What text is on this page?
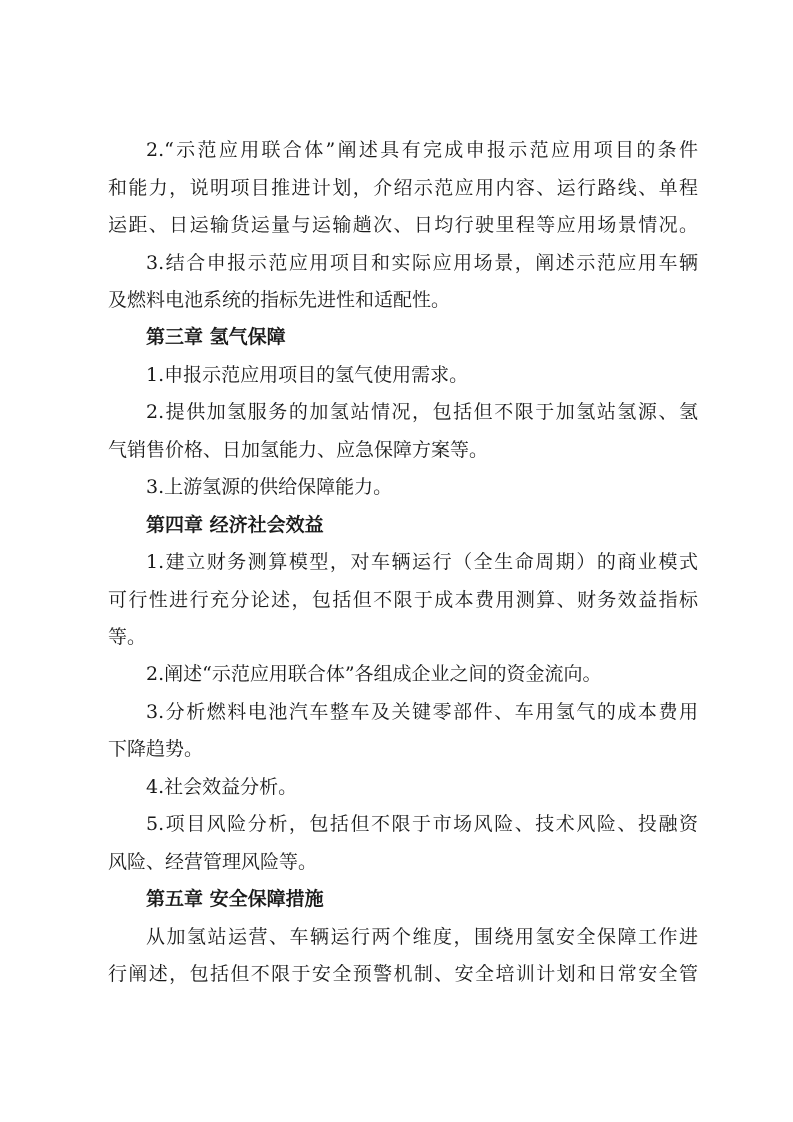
2.“示范应用联合体”阐述具有完成申报示范应用项目的条件
和能力，说明项目推进计划，介绍示范应用内容、运行路线、单程
运距、日运输货运量与运输趟次、日均行驶里程等应用场景情况。
3.结合申报示范应用项目和实际应用场景，阐述示范应用车辆
及燃料电池系统的指标先进性和适配性。
第三章 氢气保障
1.申报示范应用项目的氢气使用需求。
2.提供加氢服务的加氢站情况，包括但不限于加氢站氢源、氢
气销售价格、日加氢能力、应急保障方案等。
3.上游氢源的供给保障能力。
第四章 经济社会效益
1.建立财务测算模型，对车辆运行（全生命周期）的商业模式
可行性进行充分论述，包括但不限于成本费用测算、财务效益指标
等。
2.阐述“示范应用联合体”各组成企业之间的资金流向。
3.分析燃料电池汽车整车及关键零部件、车用氢气的成本费用
下降趋势。
4.社会效益分析。
5.项目风险分析，包括但不限于市场风险、技术风险、投融资
风险、经营管理风险等。
第五章 安全保障措施
从加氢站运营、车辆运行两个维度，围绕用氢安全保障工作进
行阐述，包括但不限于安全预警机制、安全培训计划和日常安全管
